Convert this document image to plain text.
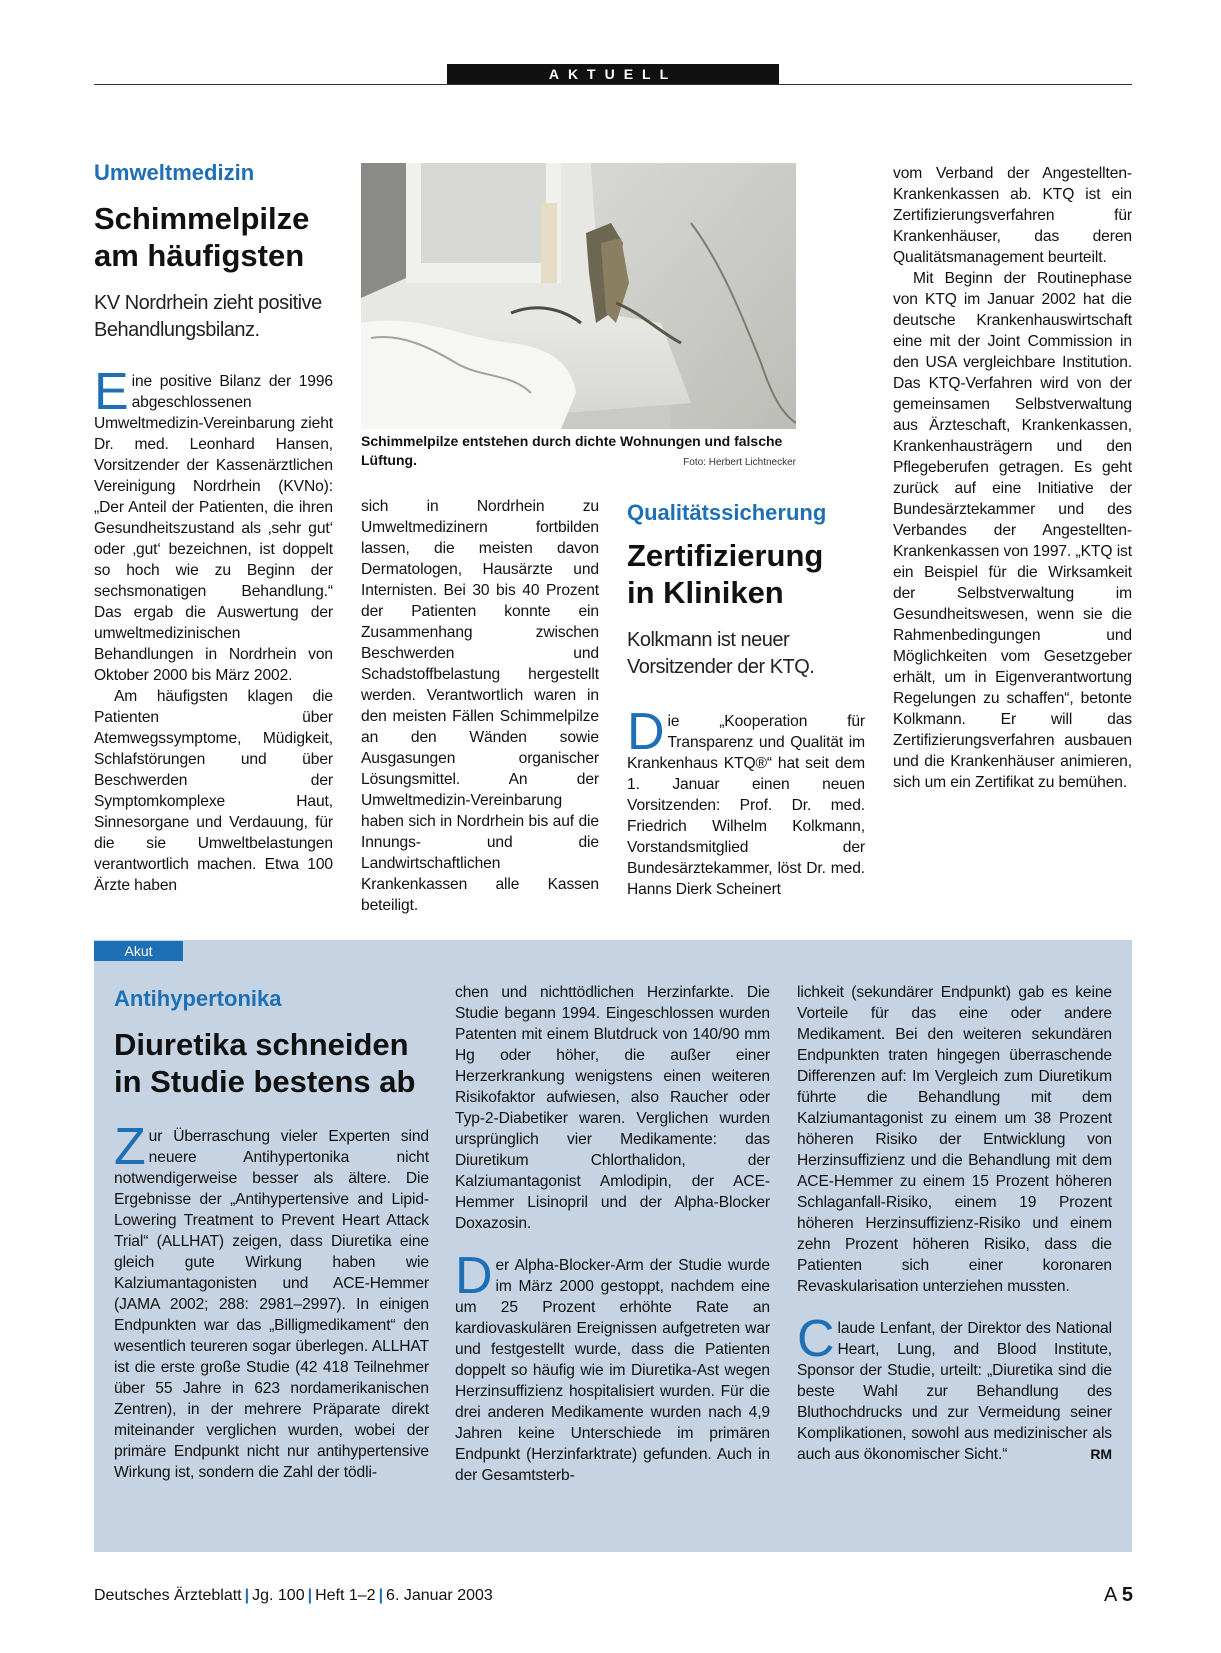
AKTUELL
Umweltmedizin
Schimmelpilze
am häufigsten
KV Nordrhein zieht positive Behandlungsbilanz.

Eine positive Bilanz der 1996 abgeschlossenen Umweltmedizin-Vereinbarung zieht Dr. med. Leonhard Hansen, Vorsitzender der Kassenärztlichen Vereinigung Nordrhein (KVNo): „Der Anteil der Patienten, die ihren Gesundheitszustand als ‚sehr gut‘ oder ‚gut‘ bezeichnen, ist doppelt so hoch wie zu Beginn der sechsmonatigen Behandlung.“ Das ergab die Auswertung der umweltmedizinischen Behandlungen in Nordrhein von Oktober 2000 bis März 2002.

Am häufigsten klagen die Patienten über Atemwegssymptome, Müdigkeit, Schlafstörungen und über Beschwerden der Symptomkomplexe Haut, Sinnesorgane und Verdauung, für die sie Umweltbelastungen verantwortlich machen. Etwa 100 Ärzte haben

Schimmelpilze entstehen durch dichte Wohnungen und falsche Lüftung.	Foto: Herbert Lichtnecker

sich in Nordrhein zu Umweltmedizinern fortbilden lassen, die meisten davon Dermatologen, Hausärzte und Internisten. Bei 30 bis 40 Prozent der Patienten konnte ein Zusammenhang zwischen Beschwerden und Schadstoffbelastung hergestellt werden. Verantwortlich waren in den meisten Fällen Schimmelpilze an den Wänden sowie Ausgasungen organischer Lösungsmittel. An der Umweltmedizin-Vereinbarung haben sich in Nordrhein bis auf die Innungs- und die Landwirtschaftlichen Krankenkassen alle Kassen beteiligt.

Qualitätssicherung
Zertifizierung
in Kliniken
Kolkmann ist neuer Vorsitzender der KTQ.

Die „Kooperation für Transparenz und Qualität im Krankenhaus KTQ®“ hat seit dem 1. Januar einen neuen Vorsitzenden: Prof. Dr. med. Friedrich Wilhelm Kolkmann, Vorstandsmitglied der Bundesärztekammer, löst Dr. med. Hanns Dierk Scheinert

vom Verband der Angestellten-Krankenkassen ab. KTQ ist ein Zertifizierungsverfahren für Krankenhäuser, das deren Qualitätsmanagement beurteilt.

Mit Beginn der Routinephase von KTQ im Januar 2002 hat die deutsche Krankenhauswirtschaft eine mit der Joint Commission in den USA vergleichbare Institution. Das KTQ-Verfahren wird von der gemeinsamen Selbstverwaltung aus Ärzteschaft, Krankenkassen, Krankenhausträgern und den Pflegeberufen getragen. Es geht zurück auf eine Initiative der Bundesärztekammer und des Verbandes der Angestellten-Krankenkassen von 1997. „KTQ ist ein Beispiel für die Wirksamkeit der Selbstverwaltung im Gesundheitswesen, wenn sie die Rahmenbedingungen und Möglichkeiten vom Gesetzgeber erhält, um in Eigenverantwortung Regelungen zu schaffen“, betonte Kolkmann. Er will das Zertifizierungsverfahren ausbauen und die Krankenhäuser animieren, sich um ein Zertifikat zu bemühen.

Akut
Antihypertonika
Diuretika schneiden
in Studie bestens ab

Zur Überraschung vieler Experten sind neuere Antihypertonika nicht notwendigerweise besser als ältere. Die Ergebnisse der „Antihypertensive and Lipid-Lowering Treatment to Prevent Heart Attack Trial“ (ALLHAT) zeigen, dass Diuretika eine gleich gute Wirkung haben wie Kalziumantagonisten und ACE-Hemmer (JAMA 2002; 288: 2981–2997). In einigen Endpunkten war das „Billigmedikament“ den wesentlich teureren sogar überlegen. ALLHAT ist die erste große Studie (42 418 Teilnehmer über 55 Jahre in 623 nordamerikanischen Zentren), in der mehrere Präparate direkt miteinander verglichen wurden, wobei der primäre Endpunkt nicht nur antihypertensive Wirkung ist, sondern die Zahl der tödli-

chen und nichttödlichen Herzinfarkte. Die Studie begann 1994. Eingeschlossen wurden Patenten mit einem Blutdruck von 140/90 mm Hg oder höher, die außer einer Herzerkrankung wenigstens einen weiteren Risikofaktor aufwiesen, also Raucher oder Typ-2-Diabetiker waren. Verglichen wurden ursprünglich vier Medikamente: das Diuretikum Chlorthalidon, der Kalziumantagonist Amlodipin, der ACE-Hemmer Lisinopril und der Alpha-Blocker Doxazosin.

Der Alpha-Blocker-Arm der Studie wurde im März 2000 gestoppt, nachdem eine um 25 Prozent erhöhte Rate an kardiovaskulären Ereignissen aufgetreten war und festgestellt wurde, dass die Patienten doppelt so häufig wie im Diuretika-Ast wegen Herzinsuffizienz hospitalisiert wurden. Für die drei anderen Medikamente wurden nach 4,9 Jahren keine Unterschiede im primären Endpunkt (Herzinfarktrate) gefunden. Auch in der Gesamtsterb-

lichkeit (sekundärer Endpunkt) gab es keine Vorteile für das eine oder andere Medikament. Bei den weiteren sekundären Endpunkten traten hingegen überraschende Differenzen auf: Im Vergleich zum Diuretikum führte die Behandlung mit dem Kalziumantagonist zu einem um 38 Prozent höheren Risiko der Entwicklung von Herzinsuffizienz und die Behandlung mit dem ACE-Hemmer zu einem 15 Prozent höheren Schlaganfall-Risiko, einem 19 Prozent höheren Herzinsuffizienz-Risiko und einem zehn Prozent höheren Risiko, dass die Patienten sich einer koronaren Revaskularisation unterziehen mussten.

Claude Lenfant, der Direktor des National Heart, Lung, and Blood Institute, Sponsor der Studie, urteilt: „Diuretika sind die beste Wahl zur Behandlung des Bluthochdrucks und zur Vermeidung seiner Komplikationen, sowohl aus medizinischer als auch aus ökonomischer Sicht.“	RM

Deutsches Ärzteblatt | Jg. 100 | Heft 1–2 | 6. Januar 2003	A 5
